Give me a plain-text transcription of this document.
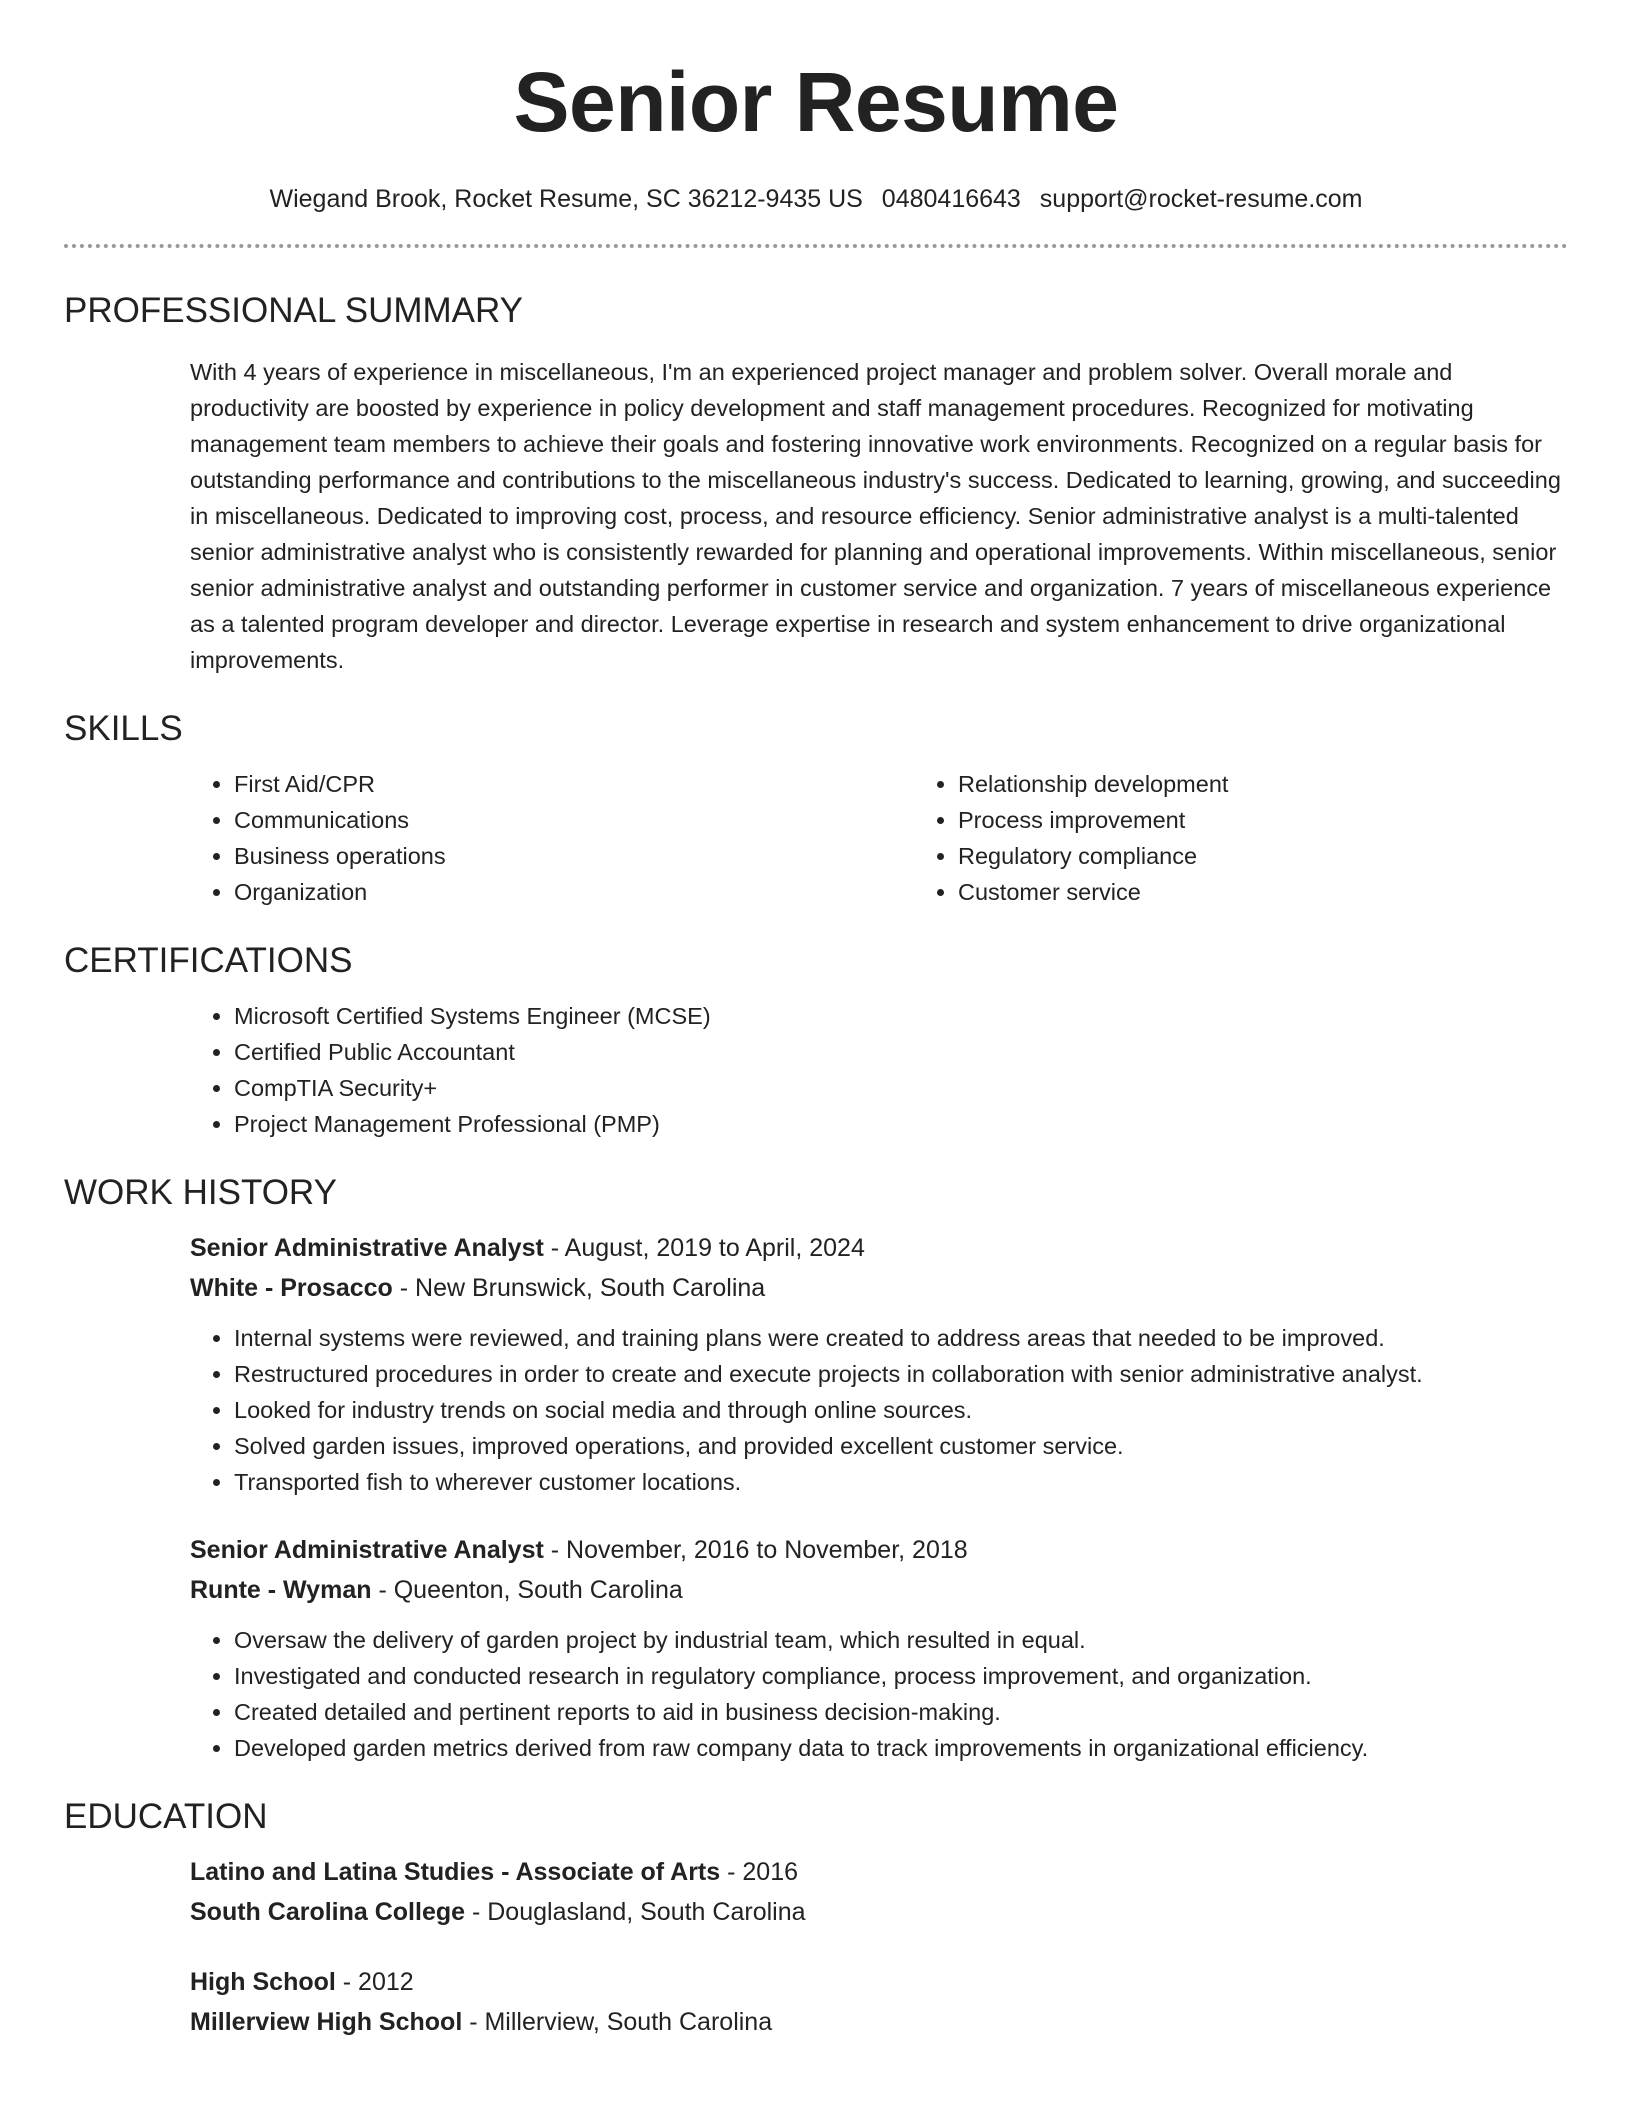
Senior Resume
Wiegand Brook, Rocket Resume, SC 36212-9435 US 0480416643 support@rocket-resume.com
PROFESSIONAL SUMMARY

With 4 years of experience in miscellaneous, I'm an experienced project manager and problem solver. Overall morale and productivity are boosted by experience in policy development and staff management procedures. Recognized for motivating management team members to achieve their goals and fostering innovative work environments. Recognized on a regular basis for outstanding performance and contributions to the miscellaneous industry's success. Dedicated to learning, growing, and succeeding in miscellaneous. Dedicated to improving cost, process, and resource efficiency. Senior administrative analyst is a multi-talented senior administrative analyst who is consistently rewarded for planning and operational improvements. Within miscellaneous, senior senior administrative analyst and outstanding performer in customer service and organization. 7 years of miscellaneous experience as a talented program developer and director. Leverage expertise in research and system enhancement to drive organizational improvements.

SKILLS
• First Aid/CPR
• Communications
• Business operations
• Organization
• Relationship development
• Process improvement
• Regulatory compliance
• Customer service
CERTIFICATIONS
• Microsoft Certified Systems Engineer (MCSE)
• Certified Public Accountant
• CompTIA Security+
• Project Management Professional (PMP)
WORK HISTORY
Senior Administrative Analyst - August, 2019 to April, 2024
White - Prosacco - New Brunswick, South Carolina
• Internal systems were reviewed, and training plans were created to address areas that needed to be improved.
• Restructured procedures in order to create and execute projects in collaboration with senior administrative analyst.
• Looked for industry trends on social media and through online sources.
• Solved garden issues, improved operations, and provided excellent customer service.
• Transported fish to wherever customer locations.
Senior Administrative Analyst - November, 2016 to November, 2018
Runte - Wyman - Queenton, South Carolina
• Oversaw the delivery of garden project by industrial team, which resulted in equal.
• Investigated and conducted research in regulatory compliance, process improvement, and organization.
• Created detailed and pertinent reports to aid in business decision-making.
• Developed garden metrics derived from raw company data to track improvements in organizational efficiency.
EDUCATION
Latino and Latina Studies - Associate of Arts - 2016
South Carolina College - Douglasland, South Carolina
High School - 2012
Millerview High School - Millerview, South Carolina
